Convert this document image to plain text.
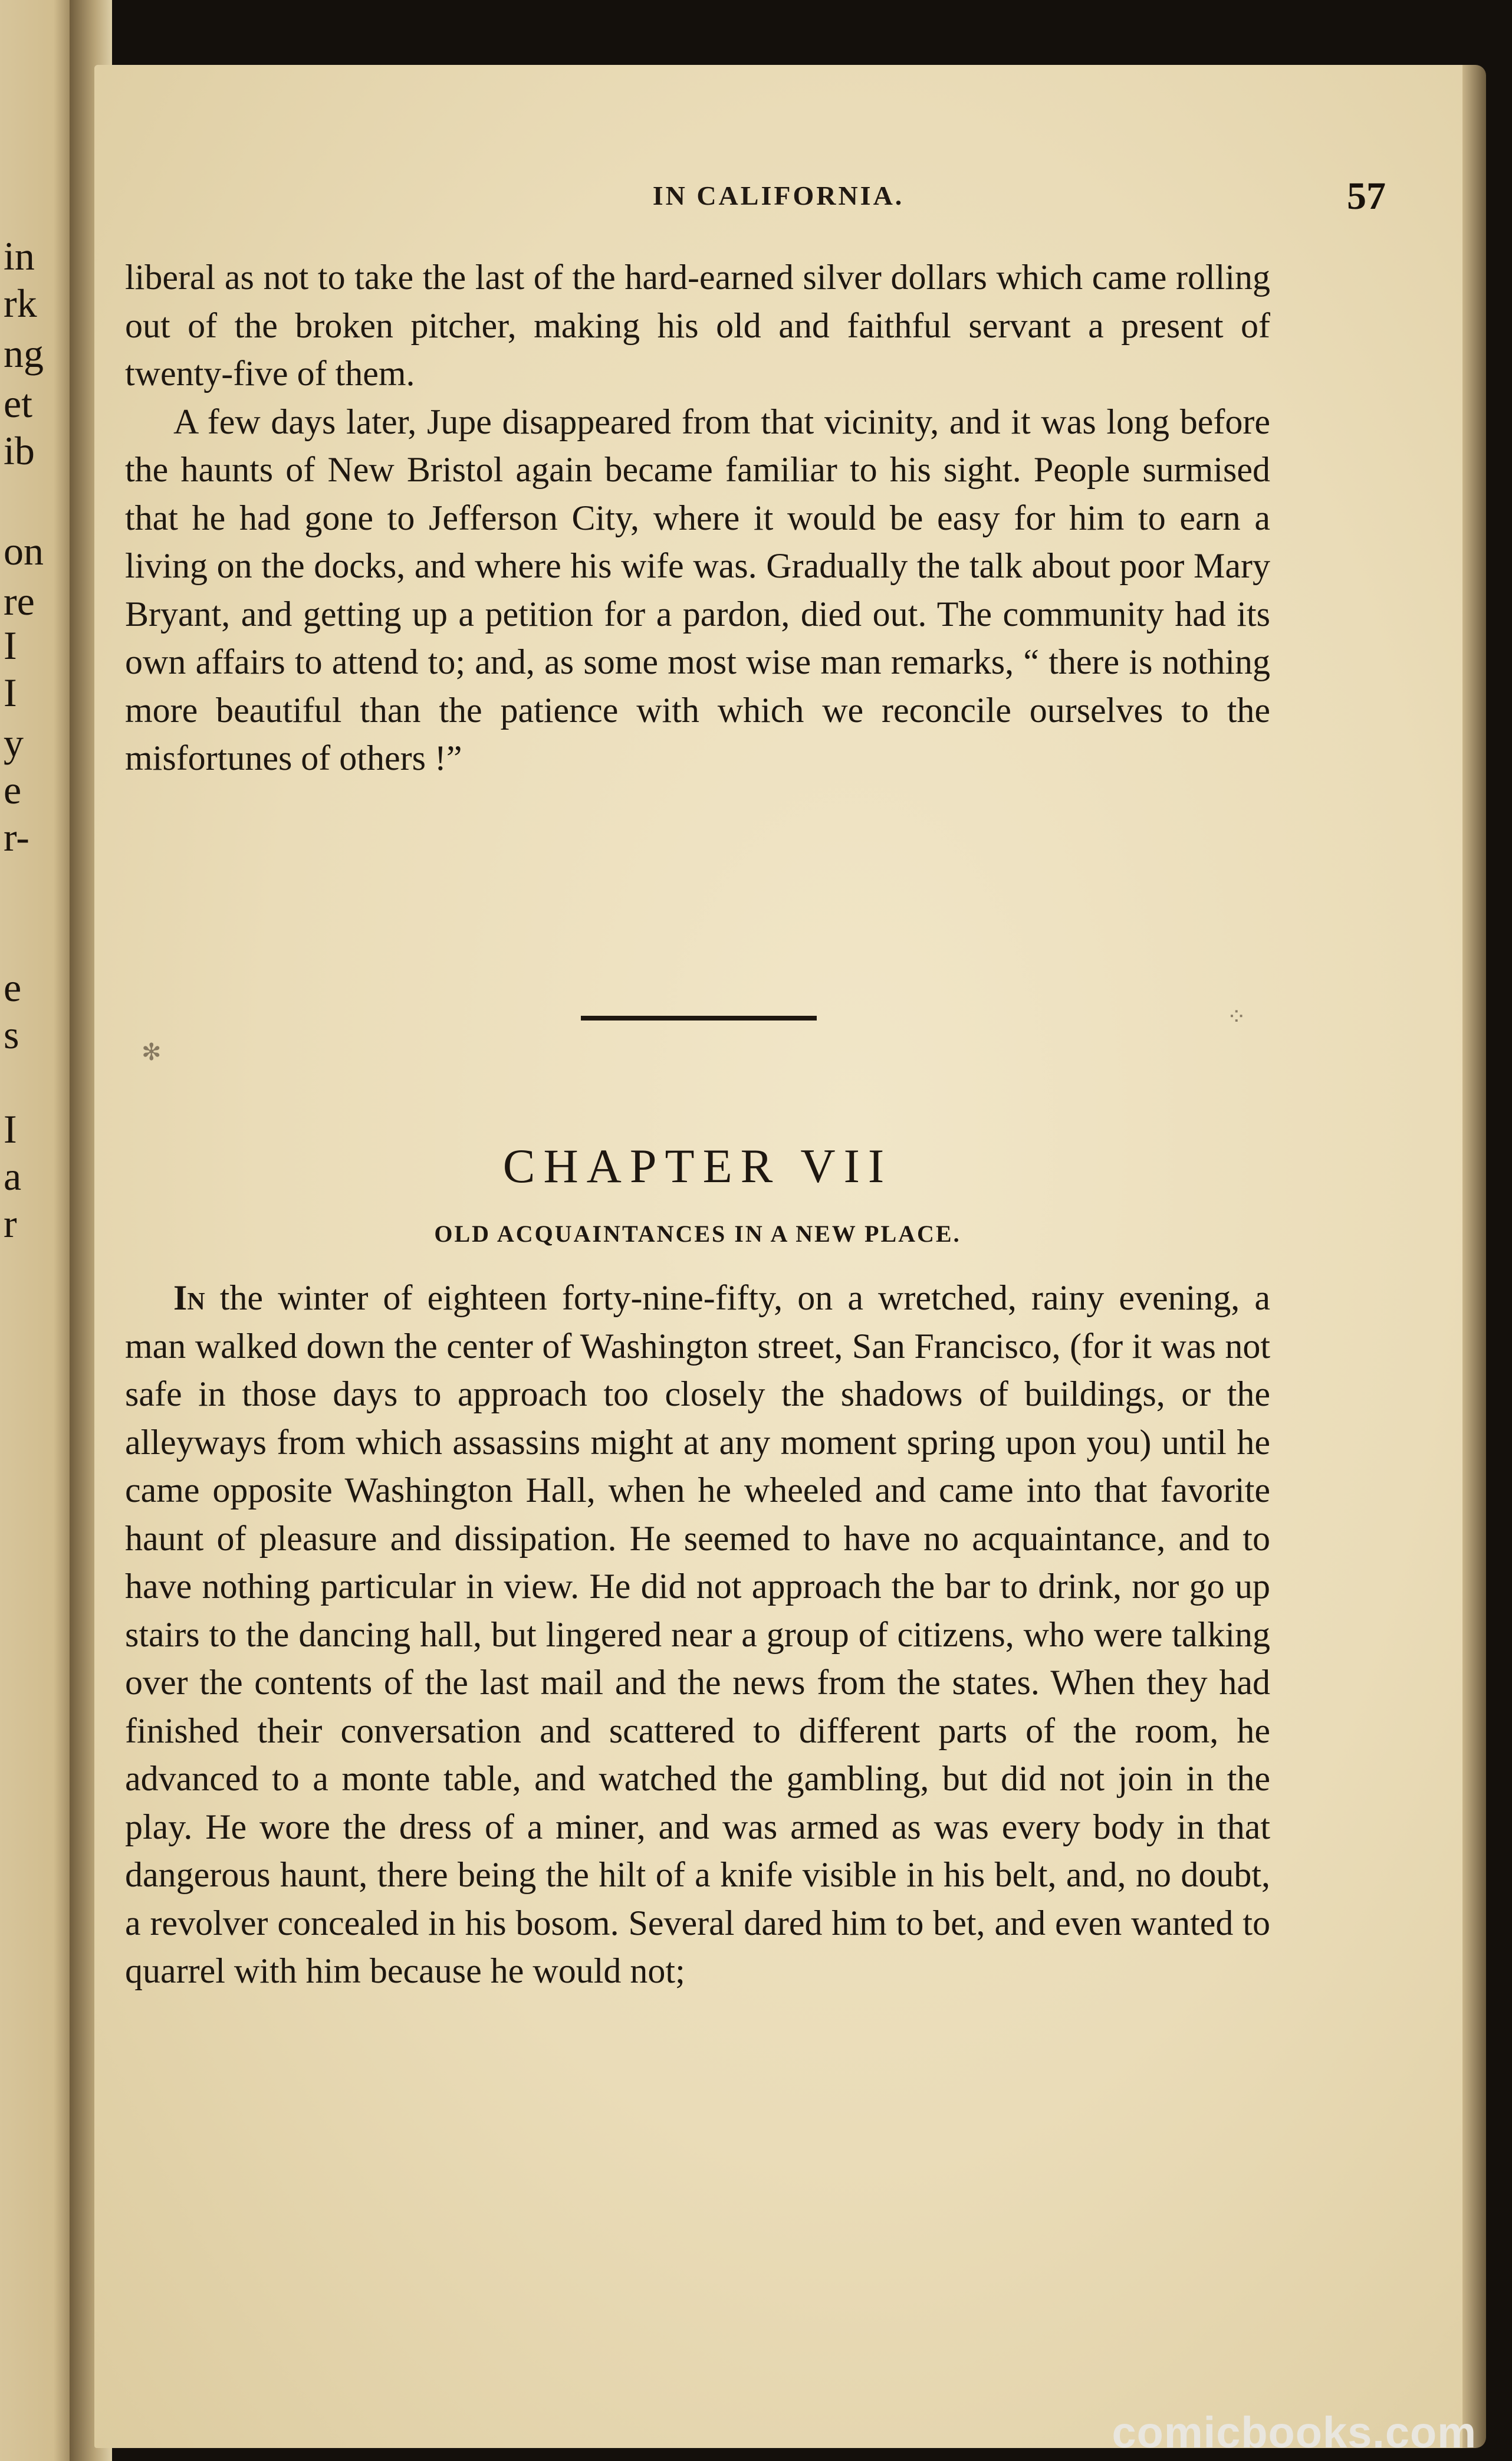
in
rk
ng
et
ib
on
re
I
I
y
e
r-
e
s
I
a
r
IN CALIFORNIA.	57

liberal as not to take the last of the hard-earned silver dollars which came rolling out of the broken pitcher, making his old and faithful servant a present of twenty-five of them.

A few days later, Jupe disappeared from that vicinity, and it was long before the haunts of New Bristol again became familiar to his sight. People surmised that he had gone to Jefferson City, where it would be easy for him to earn a living on the docks, and where his wife was. Gradually the talk about poor Mary Bryant, and getting up a petition for a pardon, died out. The community had its own affairs to attend to; and, as some most wise man remarks, “ there is nothing more beautiful than the patience with which we reconcile ourselves to the misfortunes of others !”

✻
⁘
CHAPTER VII
OLD ACQUAINTANCES IN A NEW PLACE.

In the winter of eighteen forty-nine-fifty, on a wretched, rainy evening, a man walked down the center of Washington street, San Francisco, (for it was not safe in those days to approach too closely the shadows of buildings, or the alleyways from which assassins might at any moment spring upon you) until he came opposite Washington Hall, when he wheeled and came into that favorite haunt of pleasure and dissipation. He seemed to have no acquaintance, and to have nothing particular in view. He did not approach the bar to drink, nor go up stairs to the dancing hall, but lingered near a group of citizens, who were talking over the contents of the last mail and the news from the states. When they had finished their conversation and scattered to different parts of the room, he advanced to a monte table, and watched the gambling, but did not join in the play. He wore the dress of a miner, and was armed as was every body in that dangerous haunt, there being the hilt of a knife visible in his belt, and, no doubt, a revolver concealed in his bosom. Several dared him to bet, and even wanted to quarrel with him because he would not;

comicbooks.com
